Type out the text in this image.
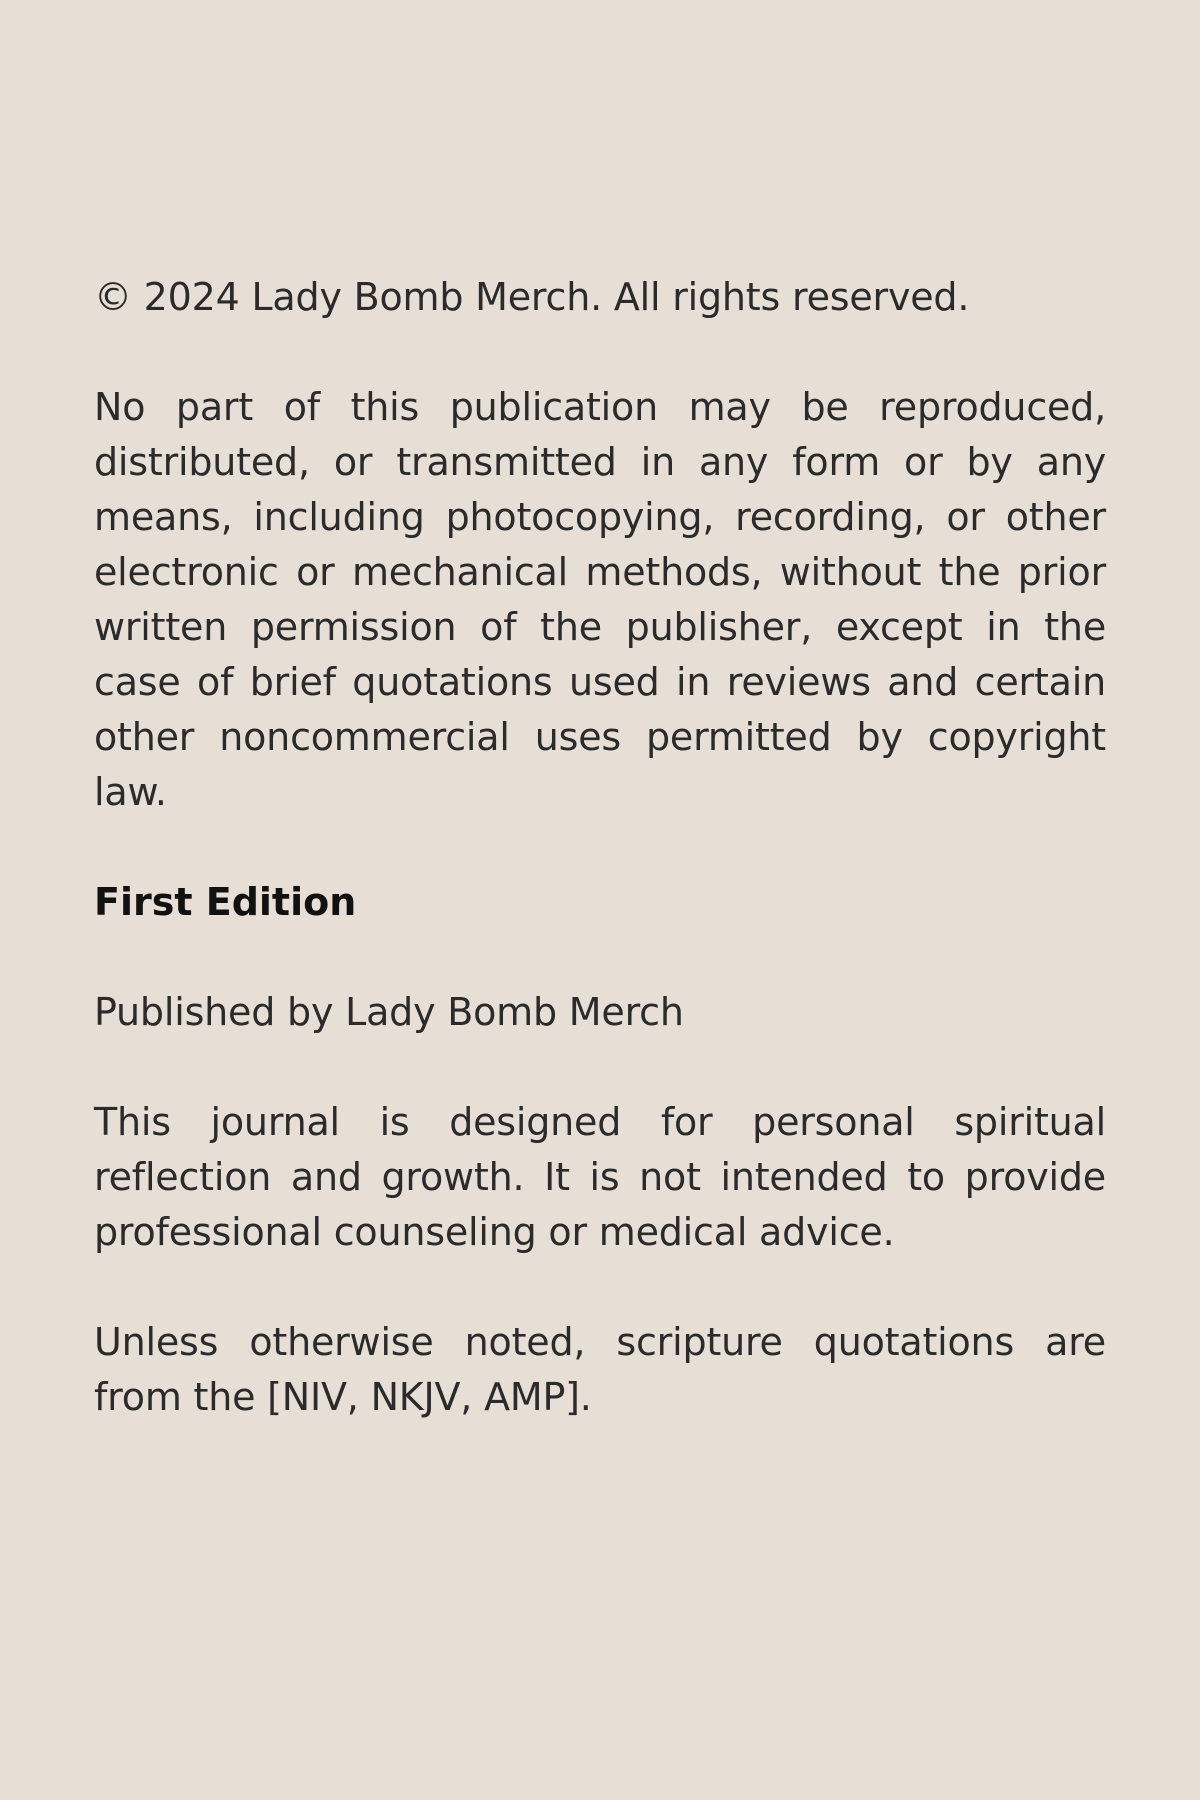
© 2024 Lady Bomb Merch. All rights reserved.

No part of this publication may be reproduced, distributed, or transmitted in any form or by any means, including photocopying, recording, or other electronic or mechanical methods, without the prior written permission of the publisher, except in the case of brief quotations used in reviews and certain other noncommercial uses permitted by copyright law.

First Edition

Published by Lady Bomb Merch

This journal is designed for personal spiritual reflection and growth. It is not intended to provide professional counseling or medical advice.

Unless otherwise noted, scripture quotations are from the [NIV, NKJV, AMP].
